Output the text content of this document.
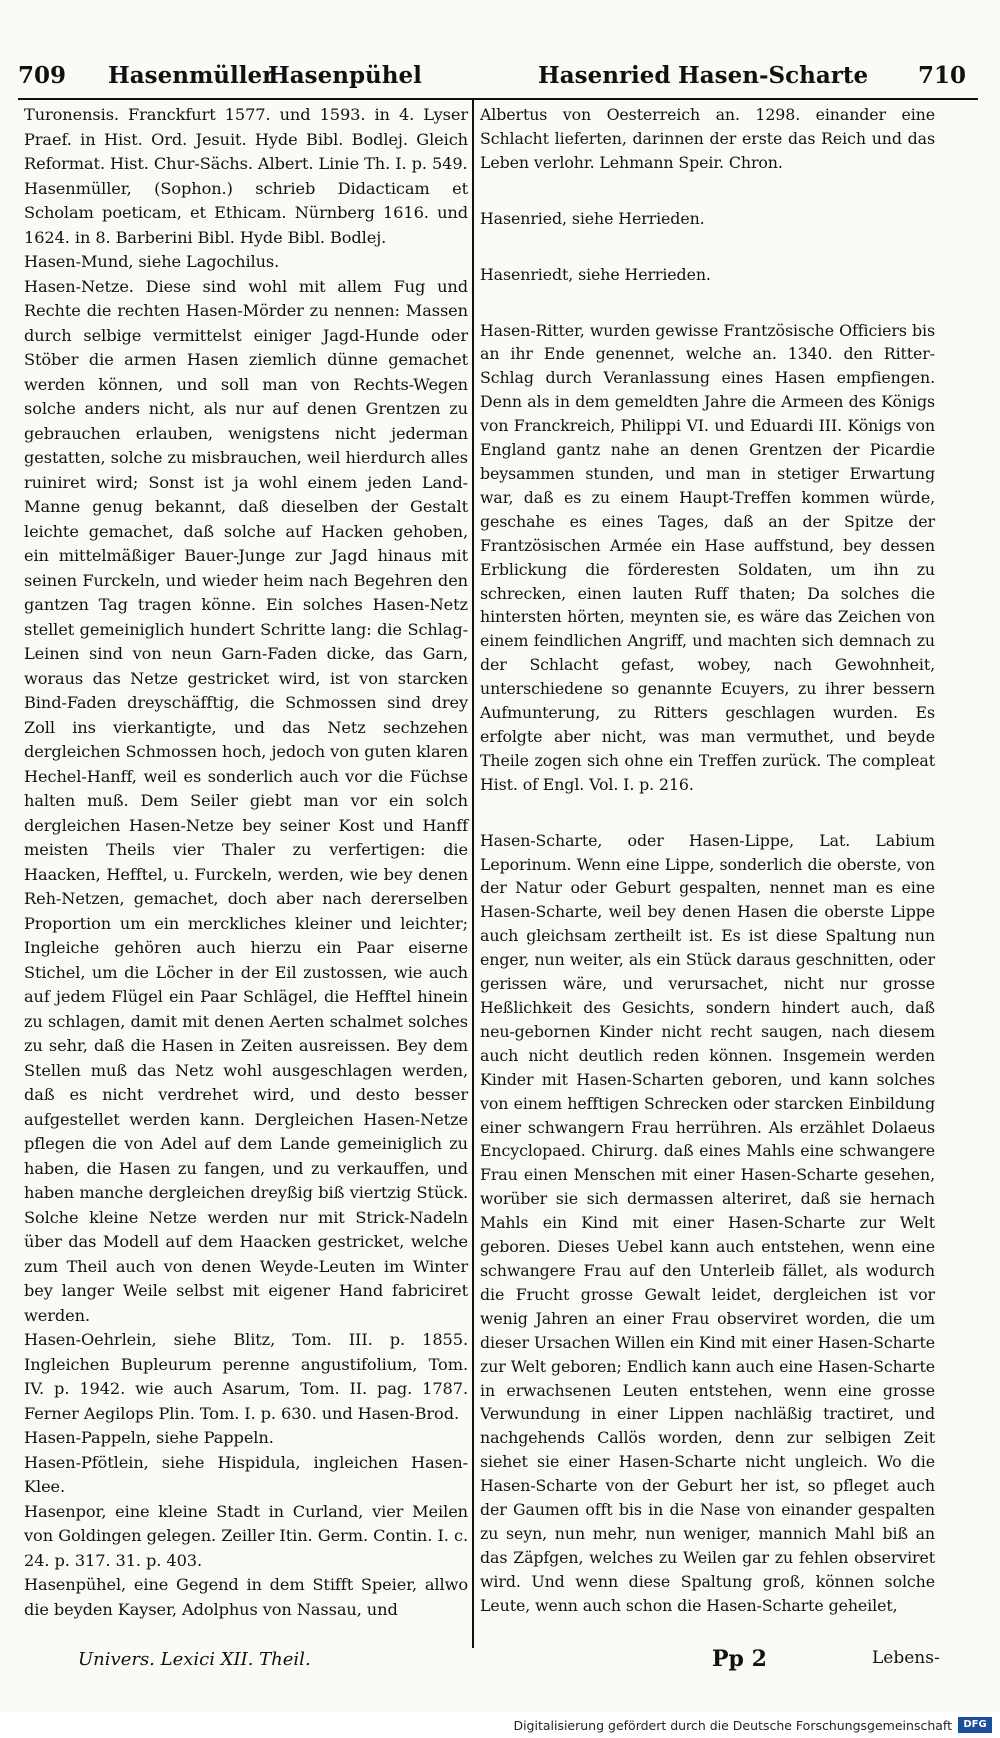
709 Hasenmüller
Hasenpühel	Hasenried Hasen-Scharte 710

Turonensis. Franckfurt 1577. und 1593. in 4. Lyser Praef. in Hist. Ord. Jesuit. Hyde Bibl. Bodlej. Gleich Reformat. Hist. Chur-Sächs. Albert. Linie Th. I. p. 549.

Hasenmüller, (Sophon.) schrieb Didacticam et Scholam poeticam, et Ethicam. Nürnberg 1616. und 1624. in 8. Barberini Bibl. Hyde Bibl. Bodlej.

Hasen-Mund, siehe Lagochilus.

Hasen-Netze. Diese sind wohl mit allem Fug und Rechte die rechten Hasen-Mörder zu nennen: Massen durch selbige vermittelst einiger Jagd-Hunde oder Stöber die armen Hasen ziemlich dünne gemachet werden können, und soll man von Rechts-Wegen solche anders nicht, als nur auf denen Grentzen zu gebrauchen erlauben, wenigstens nicht jederman gestatten, solche zu misbrauchen, weil hierdurch alles ruiniret wird; Sonst ist ja wohl einem jeden Land-Manne genug bekannt, daß dieselben der Gestalt leichte gemachet, daß solche auf Hacken gehoben, ein mittelmäßiger Bauer-Junge zur Jagd hinaus mit seinen Furckeln, und wieder heim nach Begehren den gantzen Tag tragen könne. Ein solches Hasen-Netz stellet gemeiniglich hundert Schritte lang: die Schlag-Leinen sind von neun Garn-Faden dicke, das Garn, woraus das Netze gestricket wird, ist von starcken Bind-Faden dreyschäfftig, die Schmossen sind drey Zoll ins vierkantigte, und das Netz sechzehen dergleichen Schmossen hoch, jedoch von guten klaren Hechel-Hanff, weil es sonderlich auch vor die Füchse halten muß. Dem Seiler giebt man vor ein solch dergleichen Hasen-Netze bey seiner Kost und Hanff meisten Theils vier Thaler zu verfertigen: die Haacken, Hefftel, u. Furckeln, werden, wie bey denen Reh-Netzen, gemachet, doch aber nach dererselben Proportion um ein merckliches kleiner und leichter; Ingleiche gehören auch hierzu ein Paar eiserne Stichel, um die Löcher in der Eil zustossen, wie auch auf jedem Flügel ein Paar Schlägel, die Hefftel hinein zu schlagen, damit mit denen Aerten schalmet solches zu sehr, daß die Hasen in Zeiten ausreissen. Bey dem Stellen muß das Netz wohl ausgeschlagen werden, daß es nicht verdrehet wird, und desto besser aufgestellet werden kann. Dergleichen Hasen-Netze pflegen die von Adel auf dem Lande gemeiniglich zu haben, die Hasen zu fangen, und zu verkauffen, und haben manche dergleichen dreyßig biß viertzig Stück. Solche kleine Netze werden nur mit Strick-Nadeln über das Modell auf dem Haacken gestricket, welche zum Theil auch von denen Weyde-Leuten im Winter bey langer Weile selbst mit eigener Hand fabriciret werden.

Hasen-Oehrlein, siehe Blitz, Tom. III. p. 1855. Ingleichen Bupleurum perenne angustifolium, Tom. IV. p. 1942. wie auch Asarum, Tom. II. pag. 1787. Ferner Aegilops Plin. Tom. I. p. 630. und Hasen-Brod.

Hasen-Pappeln, siehe Pappeln.

Hasen-Pfötlein, siehe Hispidula, ingleichen Hasen-Klee.

Hasenpor, eine kleine Stadt in Curland, vier Meilen von Goldingen gelegen. Zeiller Itin. Germ. Contin. I. c. 24. p. 317. 31. p. 403.

Hasenpühel, eine Gegend in dem Stifft Speier, allwo die beyden Kayser, Adolphus von Nassau, und

Albertus von Oesterreich an. 1298. einander eine Schlacht lieferten, darinnen der erste das Reich und das Leben verlohr. Lehmann Speir. Chron.

Hasenried, siehe Herrieden.

Hasenriedt, siehe Herrieden.

Hasen-Ritter, wurden gewisse Frantzösische Officiers bis an ihr Ende genennet, welche an. 1340. den Ritter-Schlag durch Veranlassung eines Hasen empfiengen. Denn als in dem gemeldten Jahre die Armeen des Königs von Franckreich, Philippi VI. und Eduardi III. Königs von England gantz nahe an denen Grentzen der Picardie beysammen stunden, und man in stetiger Erwartung war, daß es zu einem Haupt-Treffen kommen würde, geschahe es eines Tages, daß an der Spitze der Frantzösischen Armée ein Hase auffstund, bey dessen Erblickung die förderesten Soldaten, um ihn zu schrecken, einen lauten Ruff thaten; Da solches die hintersten hörten, meynten sie, es wäre das Zeichen von einem feindlichen Angriff, und machten sich demnach zu der Schlacht gefast, wobey, nach Gewohnheit, unterschiedene so genannte Ecuyers, zu ihrer bessern Aufmunterung, zu Ritters geschlagen wurden. Es erfolgte aber nicht, was man vermuthet, und beyde Theile zogen sich ohne ein Treffen zurück. The compleat Hist. of Engl. Vol. I. p. 216.

Hasen-Scharte, oder Hasen-Lippe, Lat. Labium Leporinum. Wenn eine Lippe, sonderlich die oberste, von der Natur oder Geburt gespalten, nennet man es eine Hasen-Scharte, weil bey denen Hasen die oberste Lippe auch gleichsam zertheilt ist. Es ist diese Spaltung nun enger, nun weiter, als ein Stück daraus geschnitten, oder gerissen wäre, und verursachet, nicht nur grosse Heßlichkeit des Gesichts, sondern hindert auch, daß neu-gebornen Kinder nicht recht saugen, nach diesem auch nicht deutlich reden können. Insgemein werden Kinder mit Hasen-Scharten geboren, und kann solches von einem hefftigen Schrecken oder starcken Einbildung einer schwangern Frau herrühren. Als erzählet Dolaeus Encyclopaed. Chirurg. daß eines Mahls eine schwangere Frau einen Menschen mit einer Hasen-Scharte gesehen, worüber sie sich dermassen alteriret, daß sie hernach Mahls ein Kind mit einer Hasen-Scharte zur Welt geboren. Dieses Uebel kann auch entstehen, wenn eine schwangere Frau auf den Unterleib fället, als wodurch die Frucht grosse Gewalt leidet, dergleichen ist vor wenig Jahren an einer Frau observiret worden, die um dieser Ursachen Willen ein Kind mit einer Hasen-Scharte zur Welt geboren; Endlich kann auch eine Hasen-Scharte in erwachsenen Leuten entstehen, wenn eine grosse Verwundung in einer Lippen nachläßig tractiret, und nachgehends Callös worden, denn zur selbigen Zeit siehet sie einer Hasen-Scharte nicht ungleich. Wo die Hasen-Scharte von der Geburt her ist, so pfleget auch der Gaumen offt bis in die Nase von einander gespalten zu seyn, nun mehr, nun weniger, mannich Mahl biß an das Zäpfgen, welches zu Weilen gar zu fehlen observiret wird. Und wenn diese Spaltung groß, können solche Leute, wenn auch schon die Hasen-Scharte geheilet,

Univers. Lexici XII. Theil.	Pp 2	Lebens-
Digitalisierung gefördert durch die Deutsche Forschungsgemeinschaft	DFG
